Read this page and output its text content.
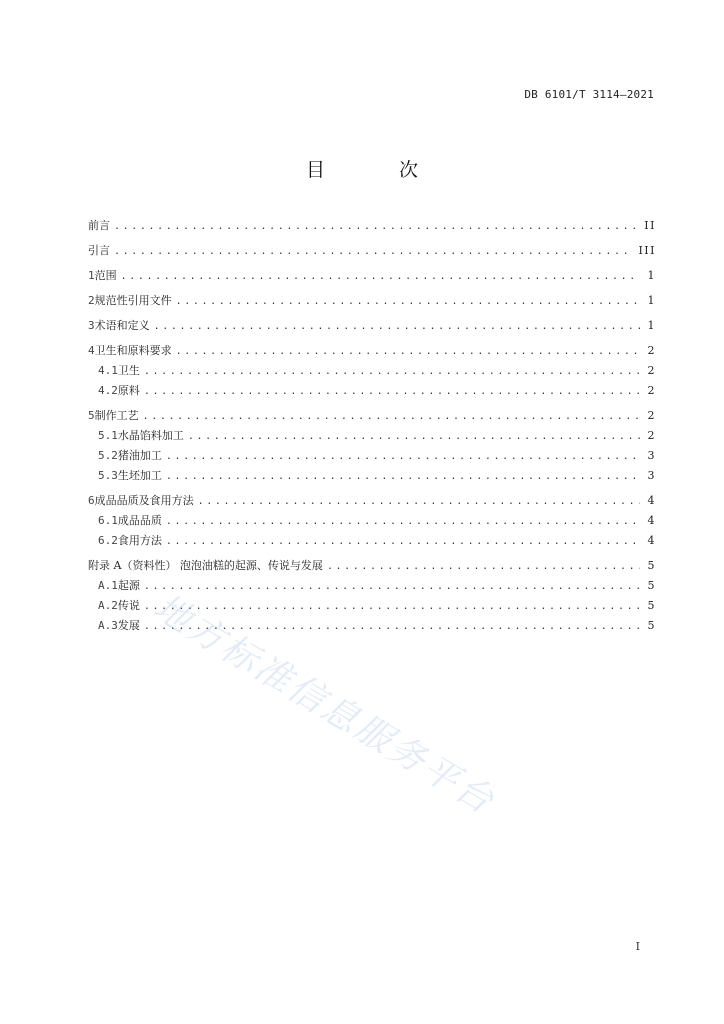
DB 6101/T 3114—2021
目 次
前言 .....	II
引言 .....	III
1 范围 .....	1
2 规范性引用文件 .....	1
3 术语和定义 .....	1
4 卫生和原料要求 .....	2
4.1 卫生 .....	2
4.2 原料 .....	2
5 制作工艺 .....	2
5.1 水晶馅料加工 .....	2
5.2 猪油加工 .....	3
5.3 生坯加工 .....	3
6 成品品质及食用方法 .....	4
6.1 成品品质 .....	4
6.2 食用方法 .....	4
附录 A（资料性） 泡泡油糕的起源、传说与发展 .....	5
A.1 起源 .....	5
A.2 传说 .....	5
A.3 发展 .....	5
地方标准信息服务平台
I
